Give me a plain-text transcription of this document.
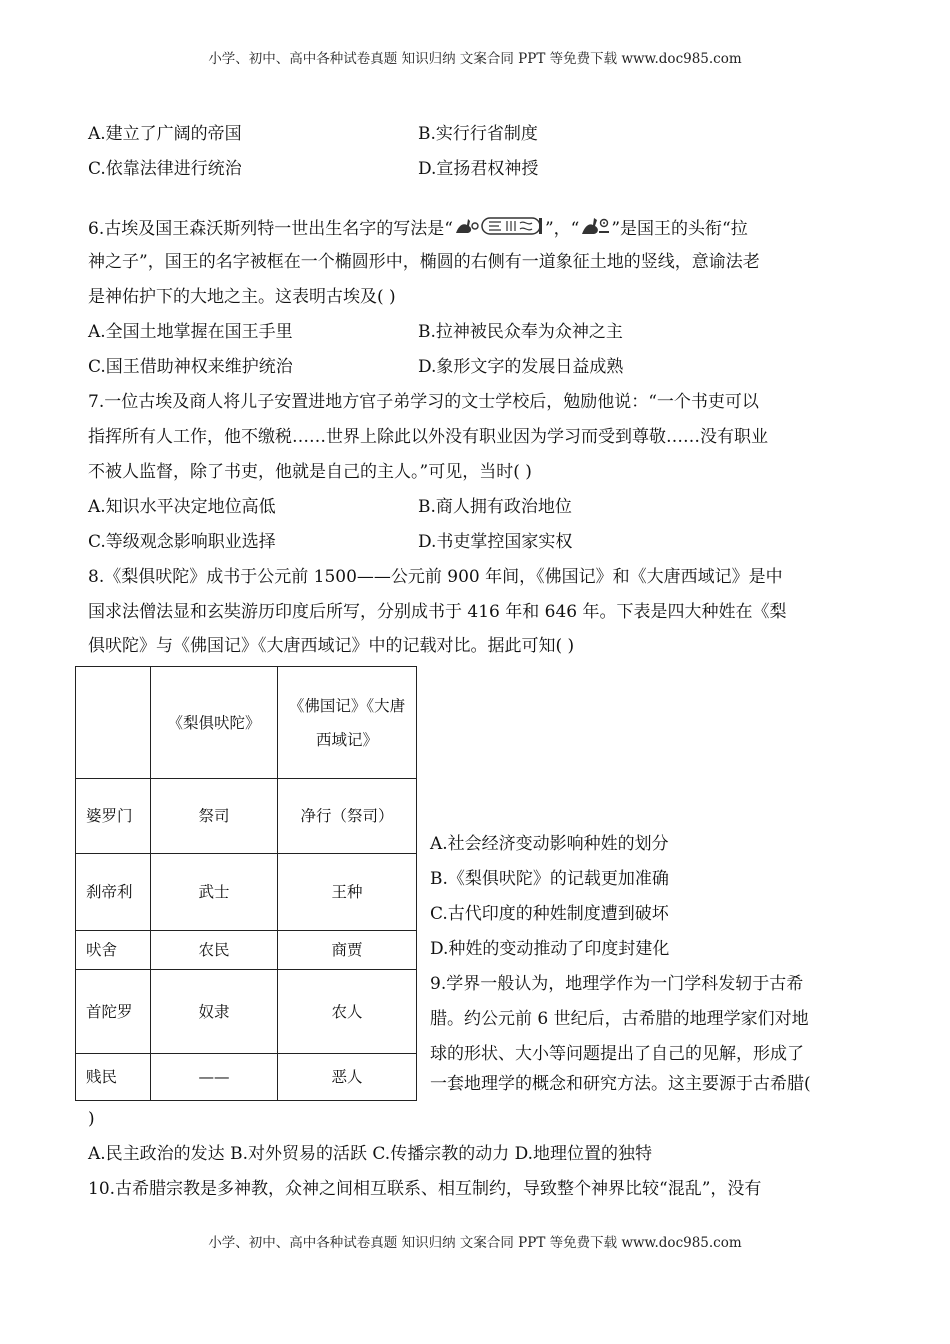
小学、初中、高中各种试卷真题 知识归纳 文案合同 PPT 等免费下载 www.doc985.com
A.建立了广阔的帝国	B.实行行省制度
C.依靠法律进行统治	D.宣扬君权神授
6.古埃及国王森沃斯列特一世出生名字的写法是“	”，“ ”是国王的头衔“拉
神之子”，国王的名字被框在一个椭圆形中，椭圆的右侧有一道象征土地的竖线，意谕法老
是神佑护下的大地之主。这表明古埃及( )
A.全国土地掌握在国王手里	B.拉神被民众奉为众神之主
C.国王借助神权来维护统治	D.象形文字的发展日益成熟
7.一位古埃及商人将儿子安置进地方官子弟学习的文士学校后，勉励他说：“一个书吏可以
指挥所有人工作，他不缴税……世界上除此以外没有职业因为学习而受到尊敬……没有职业
不被人监督，除了书吏，他就是自己的主人。”可见，当时( )
A.知识水平决定地位高低	B.商人拥有政治地位
C.等级观念影响职业选择	D.书吏掌控国家实权
8.《梨俱吠陀》成书于公元前 1500——公元前 900 年间，《佛国记》和《大唐西域记》是中
国求法僧法显和玄奘游历印度后所写，分别成书于 416 年和 646 年。下表是四大种姓在《梨
俱吠陀》与《佛国记》《大唐西域记》中的记载对比。据此可知( )
	《梨俱吠陀》	《佛国记》《大唐西域记》
婆罗门	祭司	净行（祭司）
刹帝利	武士	王种
吠舍	农民	商贾
首陀罗	奴隶	农人
贱民	——	恶人
A.社会经济变动影响种姓的划分
B.《梨俱吠陀》的记载更加准确
C.古代印度的种姓制度遭到破坏
D.种姓的变动推动了印度封建化
9.学界一般认为，地理学作为一门学科发轫于古希
腊。约公元前 6 世纪后，古希腊的地理学家们对地
球的形状、大小等问题提出了自己的见解，形成了
一套地理学的概念和研究方法。这主要源于古希腊(
)
A.民主政治的发达 B.对外贸易的活跃 C.传播宗教的动力 D.地理位置的独特
10.古希腊宗教是多神教，众神之间相互联系、相互制约，导致整个神界比较“混乱”，没有
小学、初中、高中各种试卷真题 知识归纳 文案合同 PPT 等免费下载 www.doc985.com
